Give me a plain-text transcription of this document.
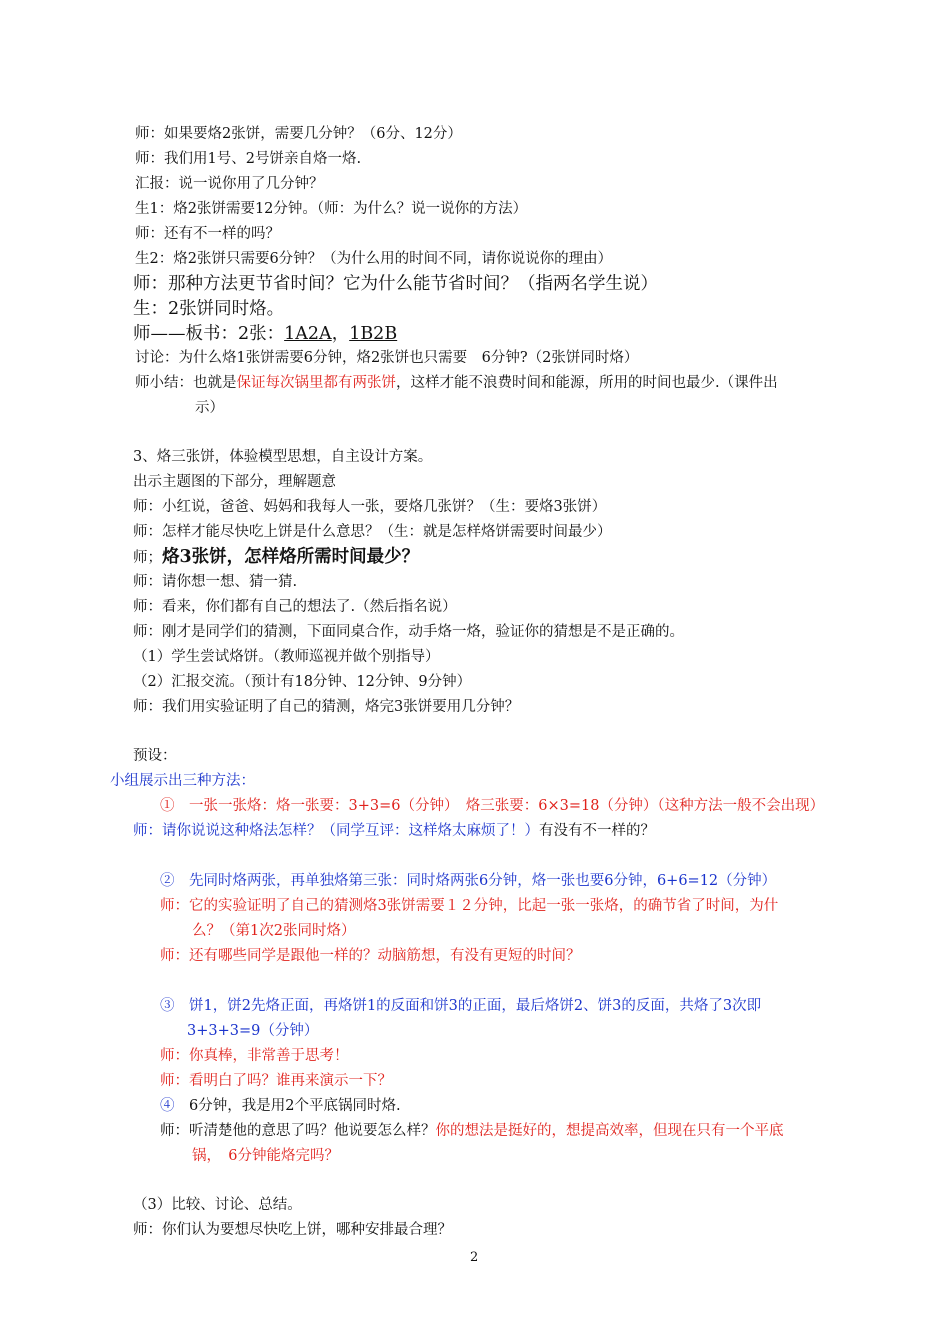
师：如果要烙2张饼，需要几分钟？（6分、12分）
师：我们用1号、2号饼亲自烙一烙.
汇报：说一说你用了几分钟？
生1：烙2张饼需要12分钟。（师：为什么？说一说你的方法）
师：还有不一样的吗？
生2：烙2张饼只需要6分钟？（为什么用的时间不同，请你说说你的理由）
师：那种方法更节省时间？它为什么能节省时间？（指两名学生说）
生：2张饼同时烙。
师——板书：2张：1A2A，1B2B
讨论：为什么烙1张饼需要6分钟，烙2张饼也只需要　6分钟?（2张饼同时烙）
师小结：也就是保证每次锅里都有两张饼，这样才能不浪费时间和能源，所用的时间也最少.（课件出
示）
3、烙三张饼，体验模型思想，自主设计方案。
出示主题图的下部分，理解题意
师：小红说，爸爸、妈妈和我每人一张，要烙几张饼？（生：要烙3张饼）
师：怎样才能尽快吃上饼是什么意思？（生：就是怎样烙饼需要时间最少）
师；烙3张饼，怎样烙所需时间最少？
师：请你想一想、猜一猜.
师：看来，你们都有自己的想法了.（然后指名说）
师：刚才是同学们的猜测，下面同桌合作，动手烙一烙，验证你的猜想是不是正确的。
（1）学生尝试烙饼。（教师巡视并做个别指导）
（2）汇报交流。（预计有18分钟、12分钟、9分钟）
师：我们用实验证明了自己的猜测，烙完3张饼要用几分钟？
预设：
小组展示出三种方法：
①　一张一张烙：烙一张要：3+3=6（分钟）　烙三张要：6×3=18（分钟）（这种方法一般不会出现）
师：请你说说这种烙法怎样？（同学互评：这样烙太麻烦了！）有没有不一样的？
②　先同时烙两张，再单独烙第三张：同时烙两张6分钟，烙一张也要6分钟，6+6=12（分钟）
师：它的实验证明了自己的猜测烙3张饼需要１２分钟，比起一张一张烙，的确节省了时间，为什
么？（第1次2张同时烙）
师：还有哪些同学是跟他一样的？动脑筋想，有没有更短的时间？
③　饼1，饼2先烙正面，再烙饼1的反面和饼3的正面，最后烙饼2、饼3的反面，共烙了3次即
3+3+3=9（分钟）
师：你真棒，非常善于思考！
师：看明白了吗？谁再来演示一下？
④　6分钟，我是用2个平底锅同时烙.
师：听清楚他的意思了吗？他说要怎么样？你的想法是挺好的，想提高效率，但现在只有一个平底
锅，　6分钟能烙完吗？
（3）比较、讨论、总结。
师：你们认为要想尽快吃上饼，哪种安排最合理？
2
